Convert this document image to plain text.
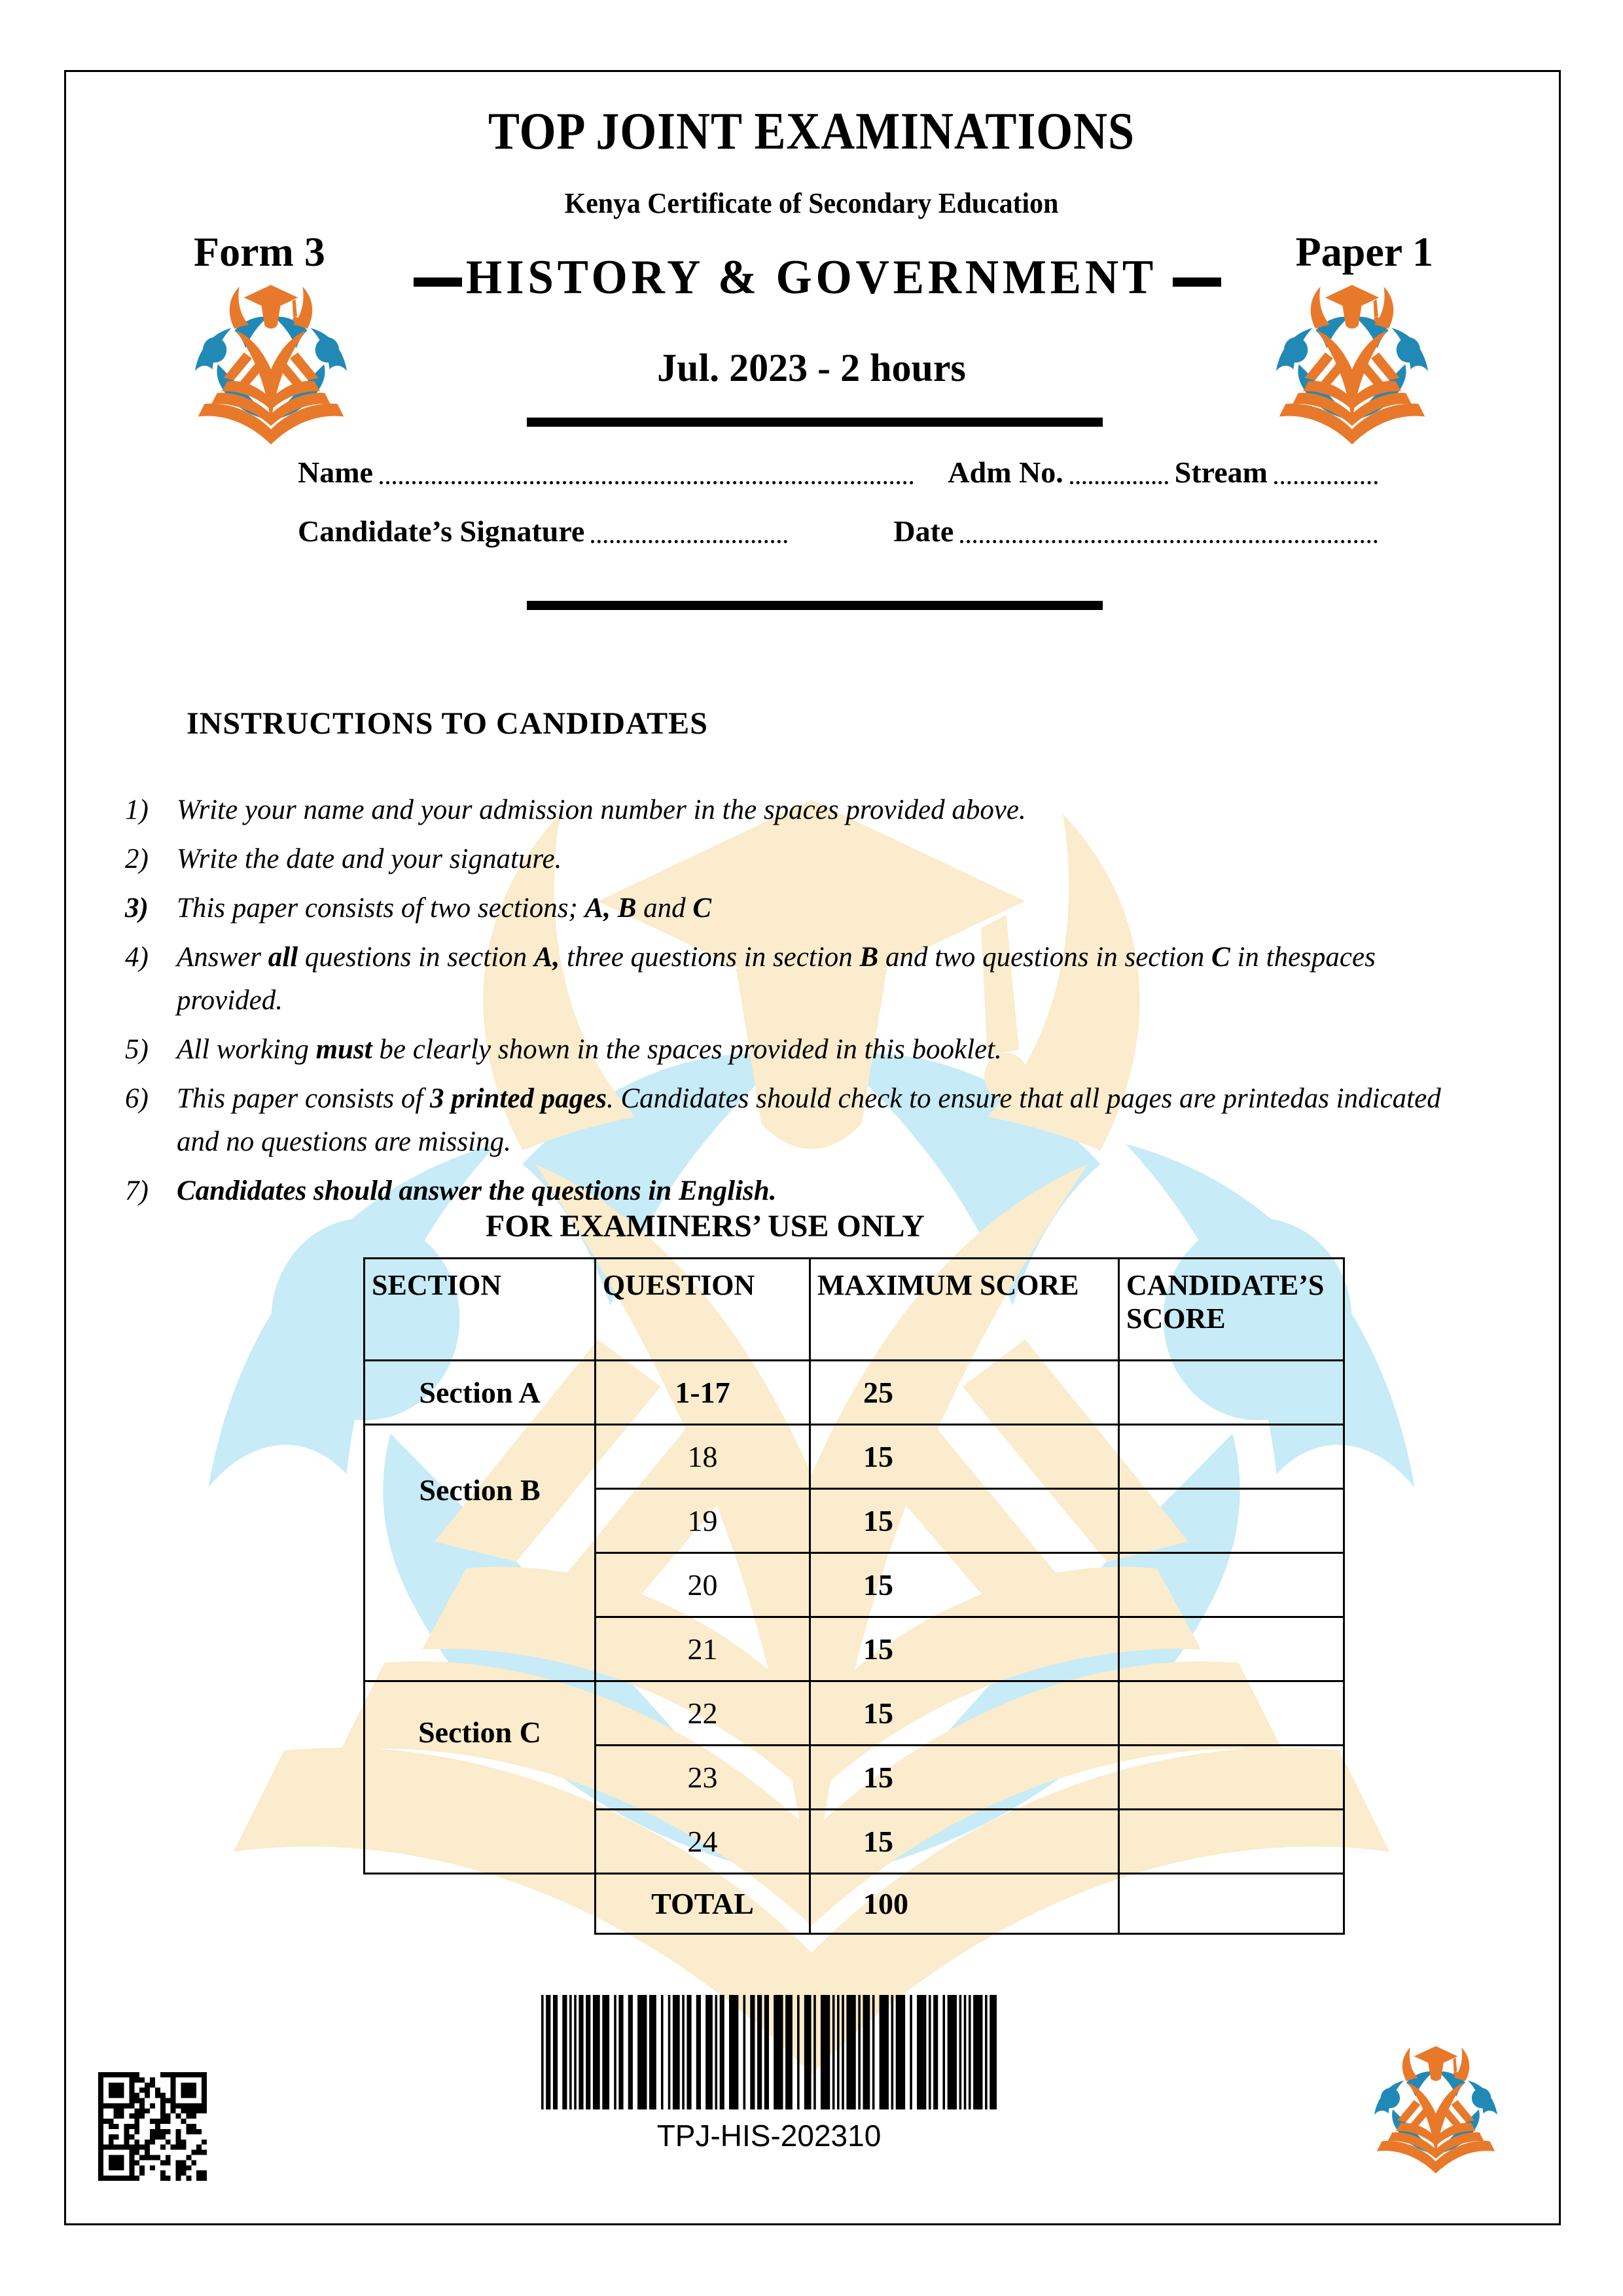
TOP JOINT EXAMINATIONS
Kenya Certificate of Secondary Education
Form 3	Paper 1
HISTORY & GOVERNMENT
Jul. 2023 - 2 hours
Name	Adm No.	Stream
Candidate’s Signature	Date
INSTRUCTIONS TO CANDIDATES
1)	Write your name and your admission number in the spaces provided above.
2)	Write the date and your signature.
3)	This paper consists of two sections; A, B and C
4)	Answer all questions in section A, three questions in section B and two questions in section C in thespaces provided.
5)	All working must be clearly shown in the spaces provided in this booklet.
6)	This paper consists of 3 printed pages. Candidates should check to ensure that all pages are printedas indicated and no questions are missing.
7)	Candidates should answer the questions in English.
FOR EXAMINERS’ USE ONLY
SECTION	QUESTION	MAXIMUM SCORE	CANDIDATE’S SCORE
Section A	1-17	25	
Section B	18	15	
	19	15	
	20	15	
	21	15	
Section C	22	15	
	23	15	
	24	15	
	TOTAL	100	
TPJ-HIS-202310
